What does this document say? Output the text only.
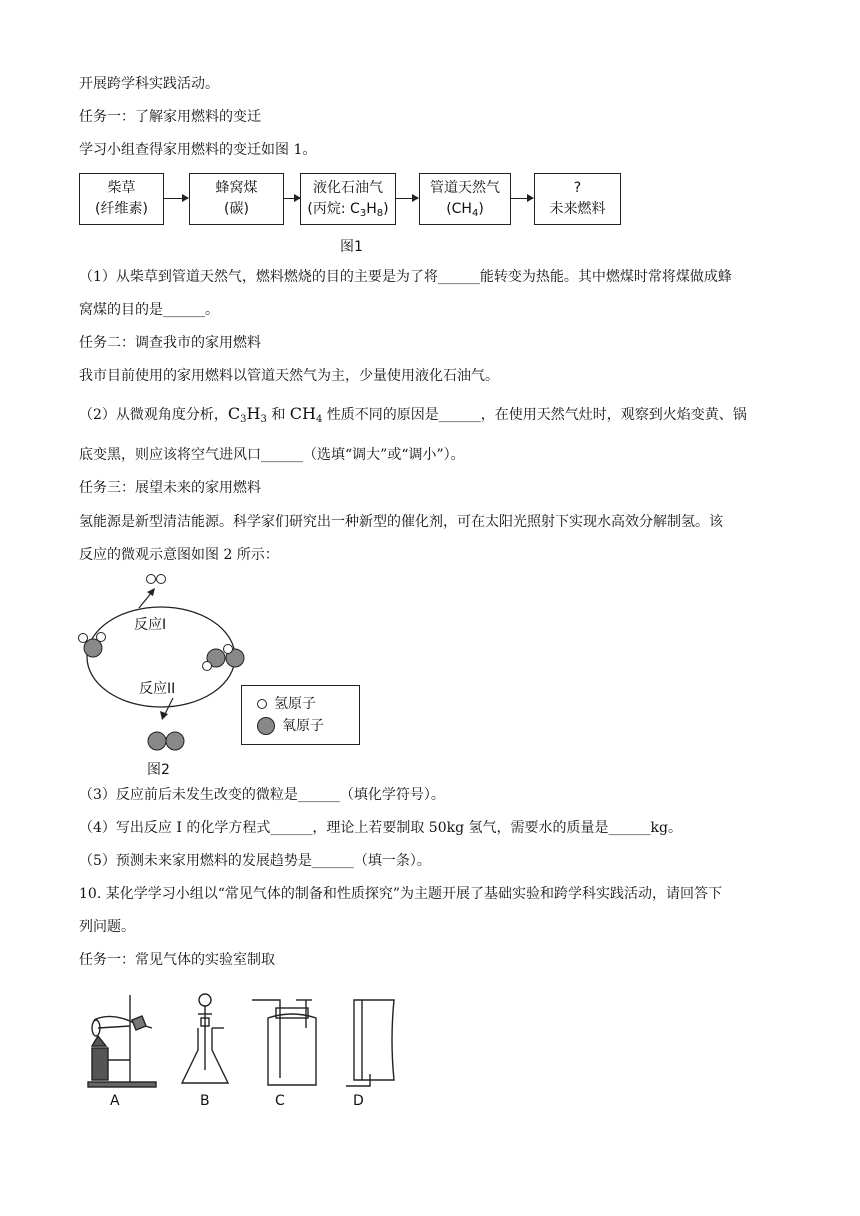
开展跨学科实践活动。
任务一：了解家用燃料的变迁
学习小组查得家用燃料的变迁如图 1。
柴草
(纤维素)
蜂窝煤
(碳)
液化石油气
(丙烷: $C_3H_8$)
管道天然气
$(CH_4)$
?
未来燃料
图1
（1）从柴草到管道天然气，燃料燃烧的目的主要是为了将______能转变为热能。其中燃煤时常将煤做成蜂
窝煤的目的是______。
任务二：调查我市的家用燃料
我市目前使用的家用燃料以管道天然气为主，少量使用液化石油气。
（2）从微观角度分析，$C_3H_3$ 和 $CH_4$ 性质不同的原因是______，在使用天然气灶时，观察到火焰变黄、锅
底变黑，则应该将空气进风口______（选填“调大”或“调小”）。
任务三：展望未来的家用燃料
氢能源是新型清洁能源。科学家们研究出一种新型的催化剂，可在太阳光照射下实现水高效分解制氢。该
反应的微观示意图如图 2 所示：
反应I
反应II
图2
氢原子
氧原子
（3）反应前后未发生改变的微粒是______（填化学符号）。
（4）写出反应 I 的化学方程式______，理论上若要制取 50kg 氢气，需要水的质量是______kg。
（5）预测未来家用燃料的发展趋势是______（填一条）。
10. 某化学学习小组以“常见气体的制备和性质探究”为主题开展了基础实验和跨学科实践活动，请回答下
列问题。
任务一：常见气体的实验室制取
A	B	C	D
